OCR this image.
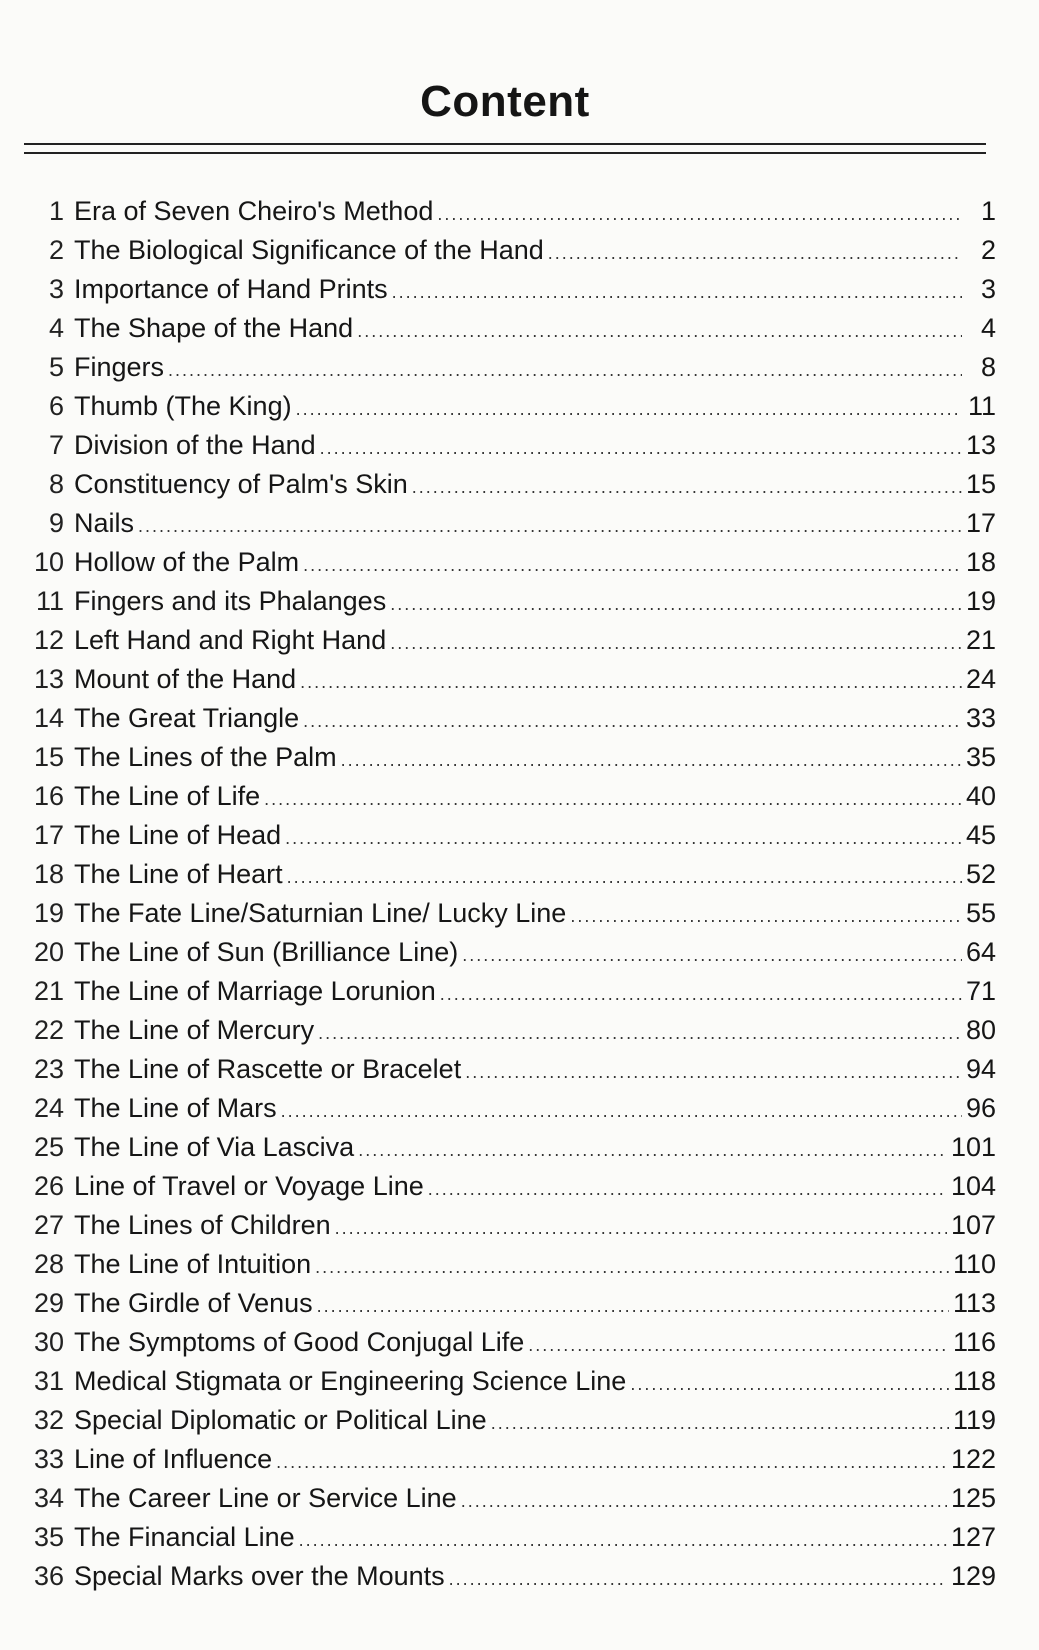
Content
1 Era of Seven Cheiro's Method .....	1
2 The Biological Significance of the Hand .....	2
3 Importance of Hand Prints .....	3
4 The Shape of the Hand .....	4
5 Fingers .....	8
6 Thumb (The King) .....	11
7 Division of the Hand .....	13
8 Constituency of Palm's Skin .....	15
9 Nails .....	17
10 Hollow of the Palm .....	18
11 Fingers and its Phalanges .....	19
12 Left Hand and Right Hand .....	21
13 Mount of the Hand .....	24
14 The Great Triangle .....	33
15 The Lines of the Palm .....	35
16 The Line of Life .....	40
17 The Line of Head .....	45
18 The Line of Heart .....	52
19 The Fate Line/Saturnian Line/ Lucky Line .....	55
20 The Line of Sun (Brilliance Line) .....	64
21 The Line of Marriage Lorunion .....	71
22 The Line of Mercury .....	80
23 The Line of Rascette or Bracelet .....	94
24 The Line of Mars .....	96
25 The Line of Via Lasciva .....	101
26 Line of Travel or Voyage Line .....	104
27 The Lines of Children .....	107
28 The Line of Intuition .....	110
29 The Girdle of Venus .....	113
30 The Symptoms of Good Conjugal Life .....	116
31 Medical Stigmata or Engineering Science Line .....	118
32 Special Diplomatic or Political Line .....	119
33 Line of Influence .....	122
34 The Career Line or Service Line .....	125
35 The Financial Line .....	127
36 Special Marks over the Mounts .....	129
